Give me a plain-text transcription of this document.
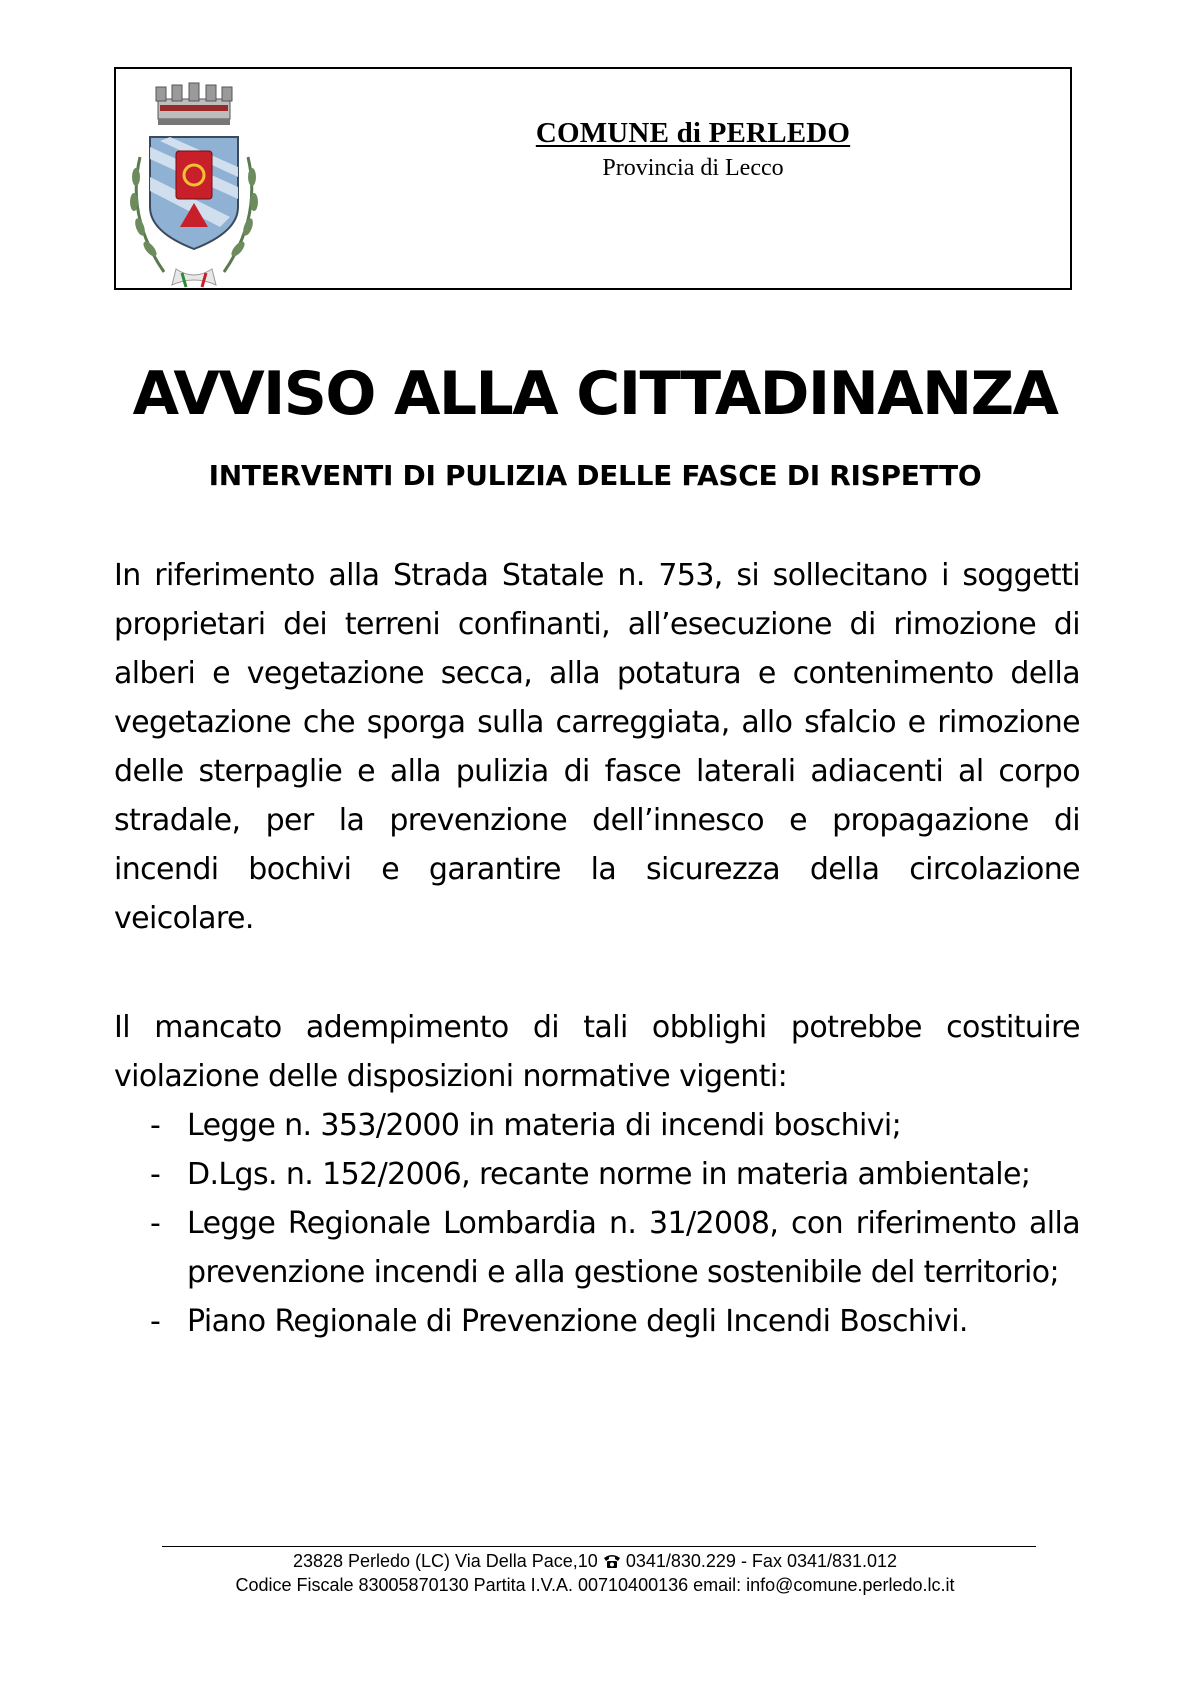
COMUNE di PERLEDO
Provincia di Lecco
AVVISO ALLA CITTADINANZA
INTERVENTI DI PULIZIA DELLE FASCE DI RISPETTO
In riferimento alla Strada Statale n. 753, si sollecitano i soggetti proprietari dei terreni confinanti, all’esecuzione di rimozione di alberi e vegetazione secca, alla potatura e contenimento della vegetazione che sporga sulla carreggiata, allo sfalcio e rimozione delle sterpaglie e alla pulizia di fasce laterali adiacenti al corpo stradale, per la prevenzione dell’innesco e propagazione di incendi bochivi e garantire la sicurezza della circolazione veicolare.
Il mancato adempimento di tali obblighi potrebbe costituire violazione delle disposizioni normative vigenti:
- Legge n. 353/2000 in materia di incendi boschivi;
- D.Lgs. n. 152/2006, recante norme in materia ambientale;
- Legge Regionale Lombardia n. 31/2008, con riferimento alla prevenzione incendi e alla gestione sostenibile del territorio;
- Piano Regionale di Prevenzione degli Incendi Boschivi.
23828 Perledo (LC) Via Della Pace,10 0341/830.229 - Fax 0341/831.012
Codice Fiscale 83005870130 Partita I.V.A. 00710400136 email: info@comune.perledo.lc.it
